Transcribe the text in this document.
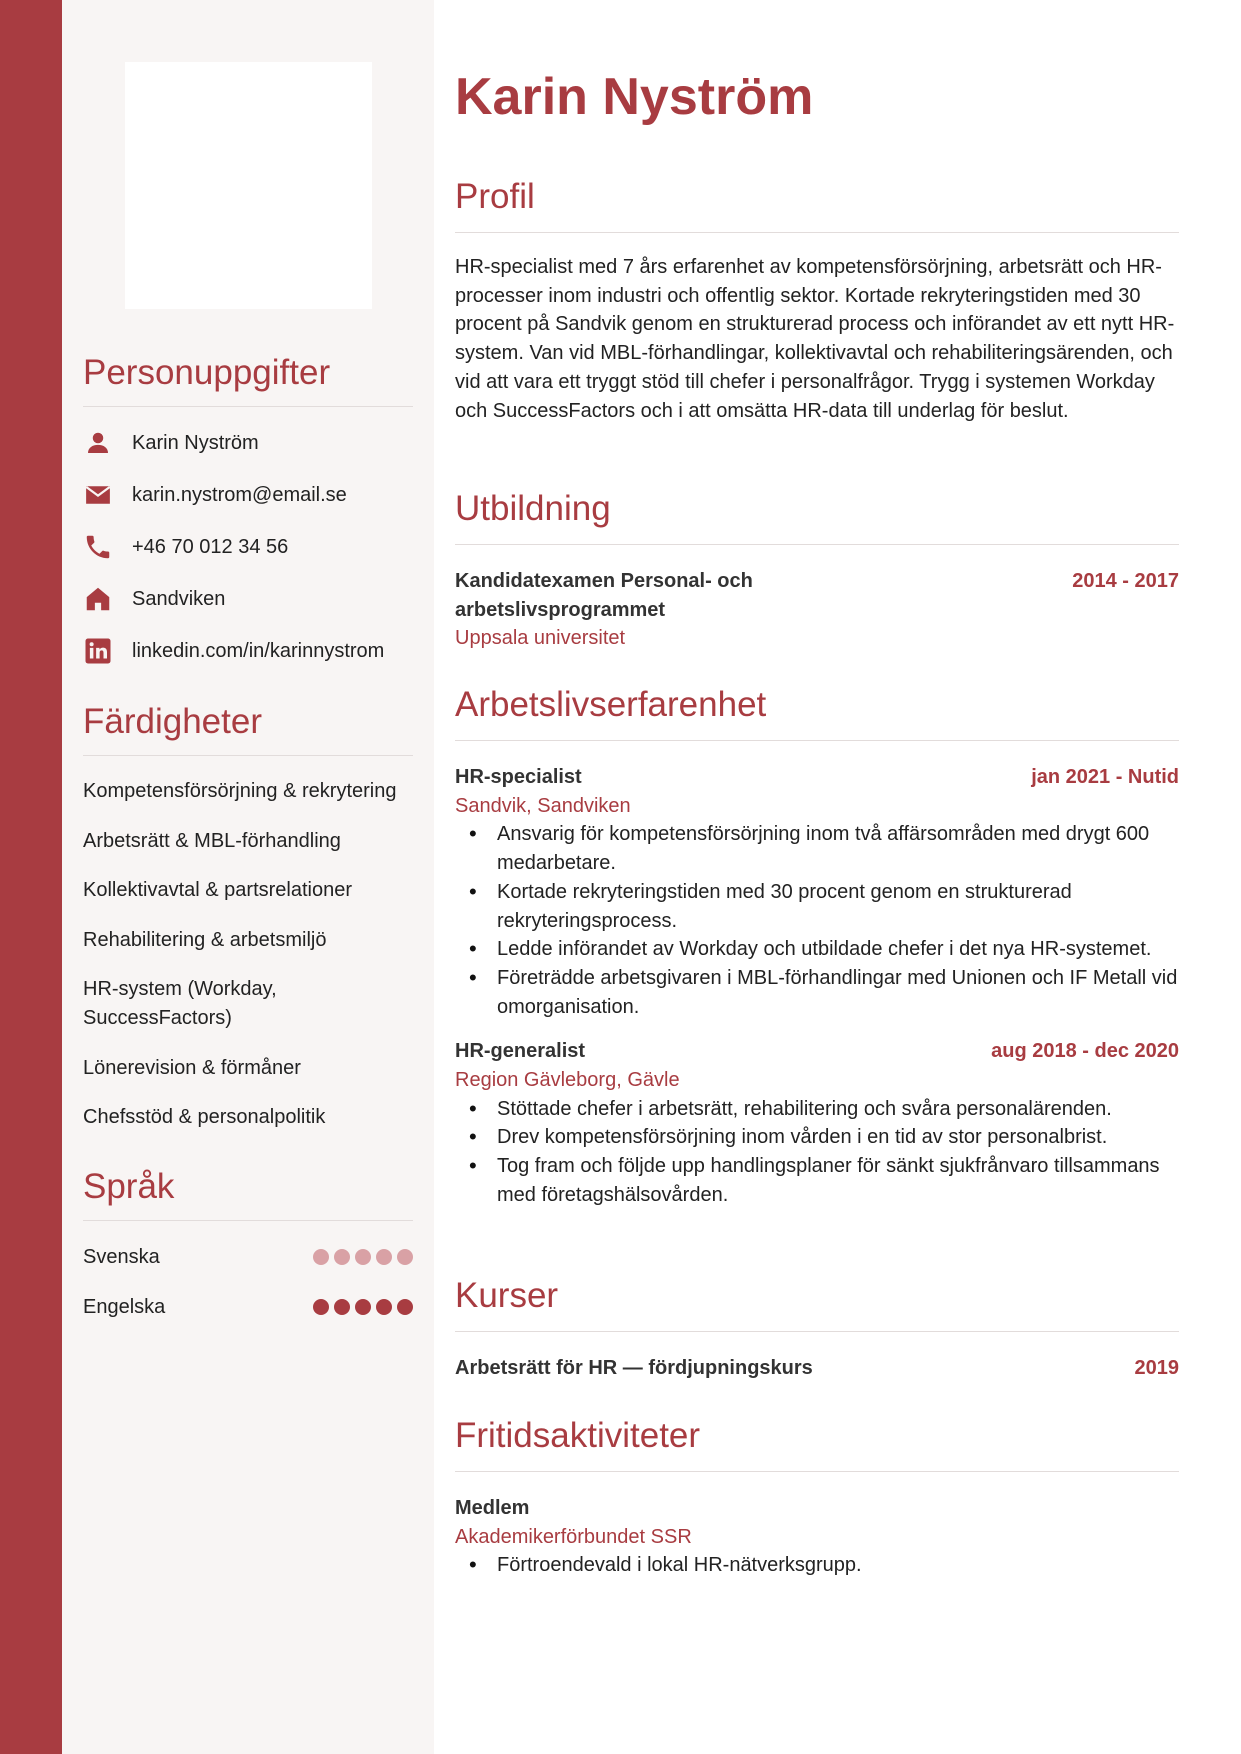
Personuppgifter
Karin Nyström
karin.nystrom@email.se
+46 70 012 34 56
Sandviken
linkedin.com/in/karinnystrom
Färdigheter
Kompetensförsörjning & rekrytering
Arbetsrätt & MBL-förhandling
Kollektivavtal & partsrelationer
Rehabilitering & arbetsmiljö
HR-system (Workday, SuccessFactors)
Lönerevision & förmåner
Chefsstöd & personalpolitik
Språk
Svenska
Engelska
Karin Nyström
Profil

HR-specialist med 7 års erfarenhet av kompetensförsörjning, arbetsrätt och HR-processer inom industri och offentlig sektor. Kortade rekryteringstiden med 30 procent på Sandvik genom en strukturerad process och införandet av ett nytt HR-system. Van vid MBL-förhandlingar, kollektivavtal och rehabiliteringsärenden, och vid att vara ett tryggt stöd till chefer i personalfrågor. Trygg i systemen Workday och SuccessFactors och i att omsätta HR-data till underlag för beslut.

Utbildning
Kandidatexamen Personal- och arbetslivsprogrammet
2014 - 2017
Uppsala universitet
Arbetslivserfarenhet
HR-specialist	jan 2021 - Nutid
Sandvik, Sandviken
• Ansvarig för kompetensförsörjning inom två affärsområden med drygt 600 medarbetare.
• Kortade rekryteringstiden med 30 procent genom en strukturerad rekryteringsprocess.
• Ledde införandet av Workday och utbildade chefer i det nya HR-systemet.
• Företrädde arbetsgivaren i MBL-förhandlingar med Unionen och IF Metall vid omorganisation.
HR-generalist	aug 2018 - dec 2020
Region Gävleborg, Gävle
• Stöttade chefer i arbetsrätt, rehabilitering och svåra personalärenden.
• Drev kompetensförsörjning inom vården i en tid av stor personalbrist.
• Tog fram och följde upp handlingsplaner för sänkt sjukfrånvaro tillsammans med företagshälsovården.
Kurser
Arbetsrätt för HR — fördjupningskurs	2019
Fritidsaktiviteter
Medlem
Akademikerförbundet SSR
• Förtroendevald i lokal HR-nätverksgrupp.
